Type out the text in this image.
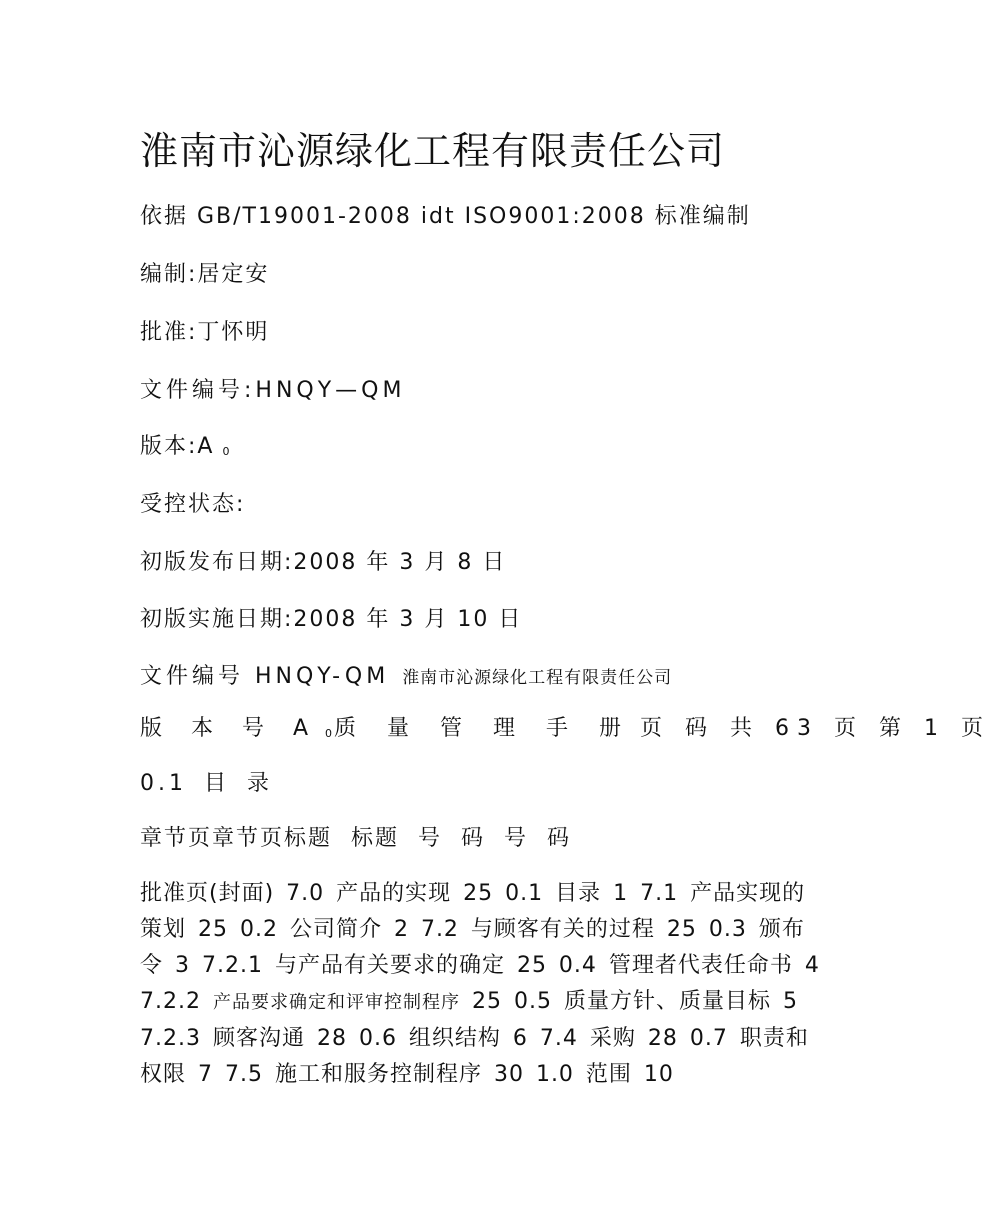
淮南市沁源绿化工程有限责任公司
依据 GB/T19001-2008 idt ISO9001:2008 标准编制
编制:居定安
批准:丁怀明
文件编号:HNQY—QM
版本:A 0
受控状态:
初版发布日期:2008 年 3 月 8 日
初版实施日期:2008 年 3 月 10 日
文件编号 HNQY-QM 淮南市沁源绿化工程有限责任公司
版 本 号 A 0质 量 管 理 手 册 页 码 共 63 页 第 1 页
0.1 目 录
章节页章节页标题 标题 号 码 号 码
批准页(封面) 7.0 产品的实现 25 0.1 目录 1 7.1 产品实现的策划 25 0.2 公司简介 2 7.2 与顾客有关的过程 25 0.3 颁布令 3 7.2.1 与产品有关要求的确定 25 0.4 管理者代表任命书 4 7.2.2 产品要求确定和评审控制程序 25 0.5 质量方针、质量目标 5 7.2.3 顾客沟通 28 0.6 组织结构 6 7.4 采购 28 0.7 职责和权限 7 7.5 施工和服务控制程序 30 1.0 范围 10
